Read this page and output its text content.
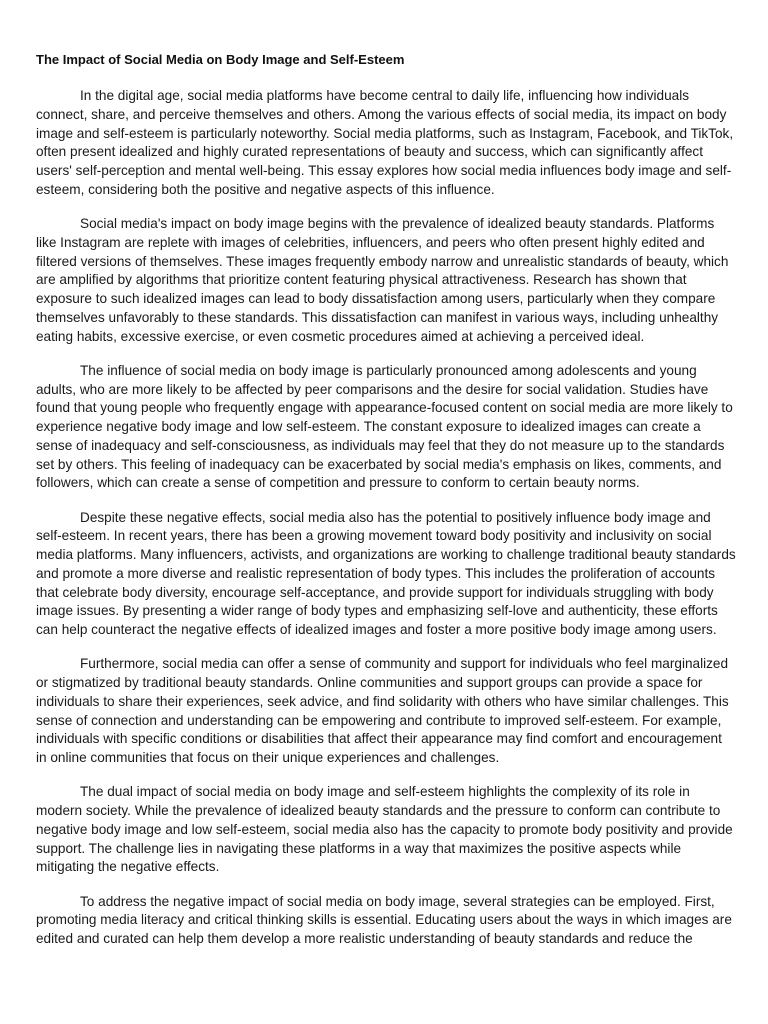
The Impact of Social Media on Body Image and Self-Esteem

In the digital age, social media platforms have become central to daily life, influencing how individuals connect, share, and perceive themselves and others. Among the various effects of social media, its impact on body image and self-esteem is particularly noteworthy. Social media platforms, such as Instagram, Facebook, and TikTok, often present idealized and highly curated representations of beauty and success, which can significantly affect users' self-perception and mental well-being. This essay explores how social media influences body image and self-esteem, considering both the positive and negative aspects of this influence.

Social media's impact on body image begins with the prevalence of idealized beauty standards. Platforms like Instagram are replete with images of celebrities, influencers, and peers who often present highly edited and filtered versions of themselves. These images frequently embody narrow and unrealistic standards of beauty, which are amplified by algorithms that prioritize content featuring physical attractiveness. Research has shown that exposure to such idealized images can lead to body dissatisfaction among users, particularly when they compare themselves unfavorably to these standards. This dissatisfaction can manifest in various ways, including unhealthy eating habits, excessive exercise, or even cosmetic procedures aimed at achieving a perceived ideal.

The influence of social media on body image is particularly pronounced among adolescents and young adults, who are more likely to be affected by peer comparisons and the desire for social validation. Studies have found that young people who frequently engage with appearance-focused content on social media are more likely to experience negative body image and low self-esteem. The constant exposure to idealized images can create a sense of inadequacy and self-consciousness, as individuals may feel that they do not measure up to the standards set by others. This feeling of inadequacy can be exacerbated by social media's emphasis on likes, comments, and followers, which can create a sense of competition and pressure to conform to certain beauty norms.

Despite these negative effects, social media also has the potential to positively influence body image and self-esteem. In recent years, there has been a growing movement toward body positivity and inclusivity on social media platforms. Many influencers, activists, and organizations are working to challenge traditional beauty standards and promote a more diverse and realistic representation of body types. This includes the proliferation of accounts that celebrate body diversity, encourage self-acceptance, and provide support for individuals struggling with body image issues. By presenting a wider range of body types and emphasizing self-love and authenticity, these efforts can help counteract the negative effects of idealized images and foster a more positive body image among users.

Furthermore, social media can offer a sense of community and support for individuals who feel marginalized or stigmatized by traditional beauty standards. Online communities and support groups can provide a space for individuals to share their experiences, seek advice, and find solidarity with others who have similar challenges. This sense of connection and understanding can be empowering and contribute to improved self-esteem. For example, individuals with specific conditions or disabilities that affect their appearance may find comfort and encouragement in online communities that focus on their unique experiences and challenges.

The dual impact of social media on body image and self-esteem highlights the complexity of its role in modern society. While the prevalence of idealized beauty standards and the pressure to conform can contribute to negative body image and low self-esteem, social media also has the capacity to promote body positivity and provide support. The challenge lies in navigating these platforms in a way that maximizes the positive aspects while mitigating the negative effects.

To address the negative impact of social media on body image, several strategies can be employed. First, promoting media literacy and critical thinking skills is essential. Educating users about the ways in which images are edited and curated can help them develop a more realistic understanding of beauty standards and reduce the
